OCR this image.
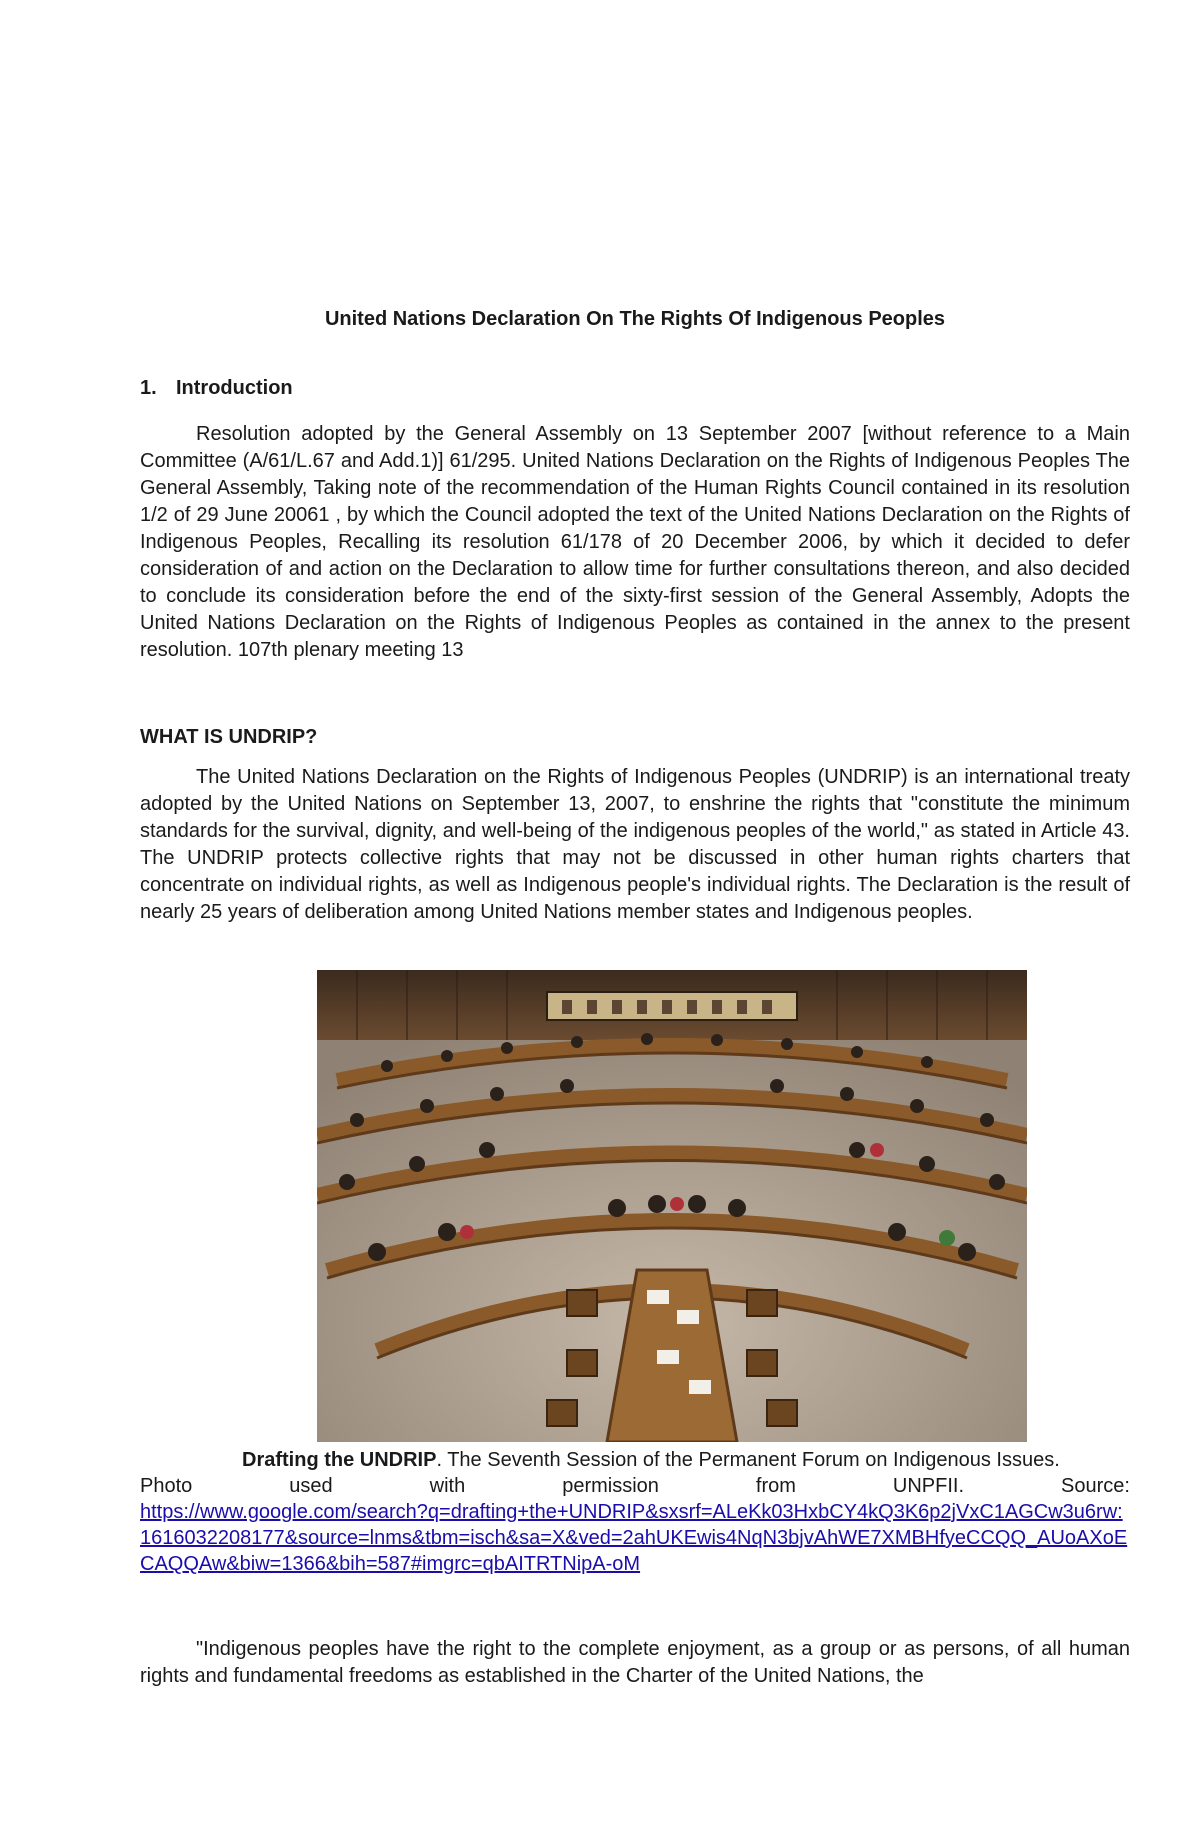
United Nations Declaration On The Rights Of Indigenous Peoples
1. Introduction

Resolution adopted by the General Assembly on 13 September 2007 [without reference to a Main Committee (A/61/L.67 and Add.1)] 61/295. United Nations Declaration on the Rights of Indigenous Peoples The General Assembly, Taking note of the recommendation of the Human Rights Council contained in its resolution 1/2 of 29 June 20061 , by which the Council adopted the text of the United Nations Declaration on the Rights of Indigenous Peoples, Recalling its resolution 61/178 of 20 December 2006, by which it decided to defer consideration of and action on the Declaration to allow time for further consultations thereon, and also decided to conclude its consideration before the end of the sixty-first session of the General Assembly, Adopts the United Nations Declaration on the Rights of Indigenous Peoples as contained in the annex to the present resolution. 107th plenary meeting 13

WHAT IS UNDRIP?

The United Nations Declaration on the Rights of Indigenous Peoples (UNDRIP) is an international treaty adopted by the United Nations on September 13, 2007, to enshrine the rights that "constitute the minimum standards for the survival, dignity, and well-being of the indigenous peoples of the world," as stated in Article 43. The UNDRIP protects collective rights that may not be discussed in other human rights charters that concentrate on individual rights, as well as Indigenous people's individual rights. The Declaration is the result of nearly 25 years of deliberation among United Nations member states and Indigenous peoples.

Drafting the UNDRIP. The Seventh Session of the Permanent Forum on Indigenous Issues.
Photo	used	with	permission	from	UNPFII.	Source:
https://www.google.com/search?q=drafting+the+UNDRIP&sxsrf=ALeKk03HxbCY4kQ3K6p2jVxC1AGCw3u6rw:1616032208177&source=lnms&tbm=isch&sa=X&ved=2ahUKEwis4NqN3bjvAhWE7XMBHfyeCCQQ_AUoAXoECAQQAw&biw=1366&bih=587#imgrc=qbAITRTNipA-oM

"Indigenous peoples have the right to the complete enjoyment, as a group or as persons, of all human rights and fundamental freedoms as established in the Charter of the United Nations, the
